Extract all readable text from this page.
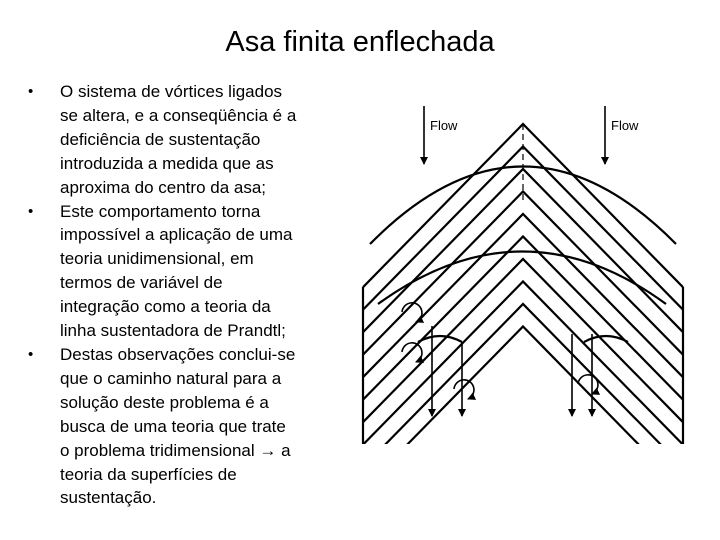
Asa finita enflechada
• O sistema de vórtices ligados
se altera, e a conseqüência é a
deficiência de sustentação
introduzida a medida que as
aproxima do centro da asa;
• Este comportamento torna
impossível a aplicação de uma
teoria unidimensional, em
termos de variável de
integração como a teoria da
linha sustentadora de Prandtl;
• Destas observações conclui-se
que o caminho natural para a
solução deste problema é a
busca de uma teoria que trate
o problema tridimensional → a
teoria da superfícies de
sustentação.
Flow	Flow
